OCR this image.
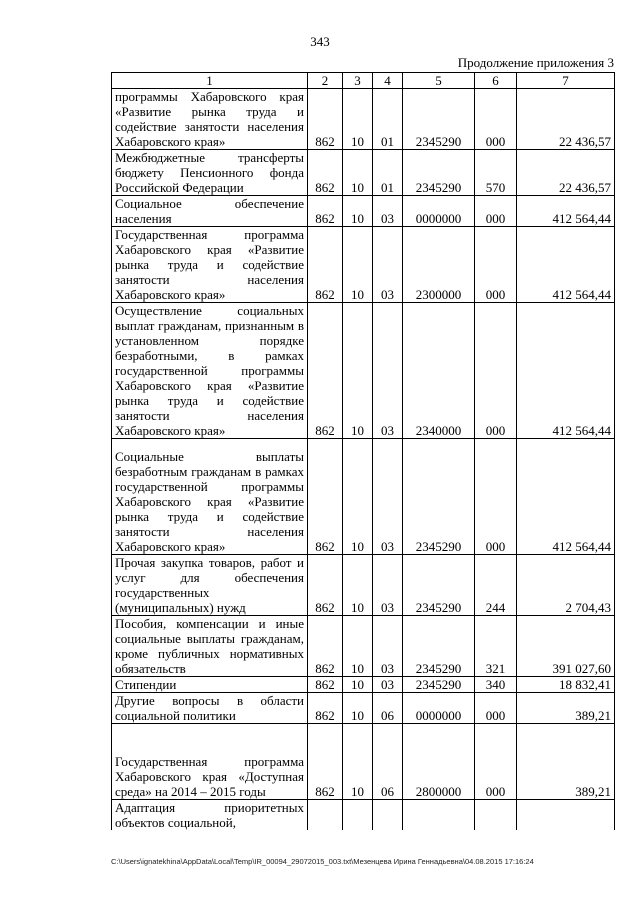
343
Продолжение приложения 3
1	2	3	4	5	6	7
программы Хабаровского края «Развитие рынка труда и содействие занятости населения Хабаровского края»	862	10	01	2345290	000	22 436,57
Межбюджетные трансферты бюджету Пенсионного фонда Российской Федерации	862	10	01	2345290	570	22 436,57
Социальное обеспечение населения	862	10	03	0000000	000	412 564,44
Государственная программа Хабаровского края «Развитие рынка труда и содействие занятости населения Хабаровского края»	862	10	03	2300000	000	412 564,44
Осуществление социальных выплат гражданам, признанным в установленном порядке безработными, в рамках государственной программы Хабаровского края «Развитие рынка труда и содействие занятости населения Хабаровского края»	862	10	03	2340000	000	412 564,44
Социальные выплаты безработным гражданам в рамках государственной программы Хабаровского края «Развитие рынка труда и содействие занятости населения Хабаровского края»	862	10	03	2345290	000	412 564,44
Прочая закупка товаров, работ и услуг для обеспечения государственных (муниципальных) нужд	862	10	03	2345290	244	2 704,43
Пособия, компенсации и иные социальные выплаты гражданам, кроме публичных нормативных обязательств	862	10	03	2345290	321	391 027,60
Стипендии	862	10	03	2345290	340	18 832,41
Другие вопросы в области социальной политики	862	10	06	0000000	000	389,21
Государственная программа Хабаровского края «Доступная среда» на 2014 – 2015 годы	862	10	06	2800000	000	389,21
Адаптация приоритетных объектов социальной,						
C:\Users\ignatekhina\AppData\Local\Temp\IR_00094_29072015_003.txt\Мезенцева Ирина Геннадьевна\04.08.2015 17:16:24
